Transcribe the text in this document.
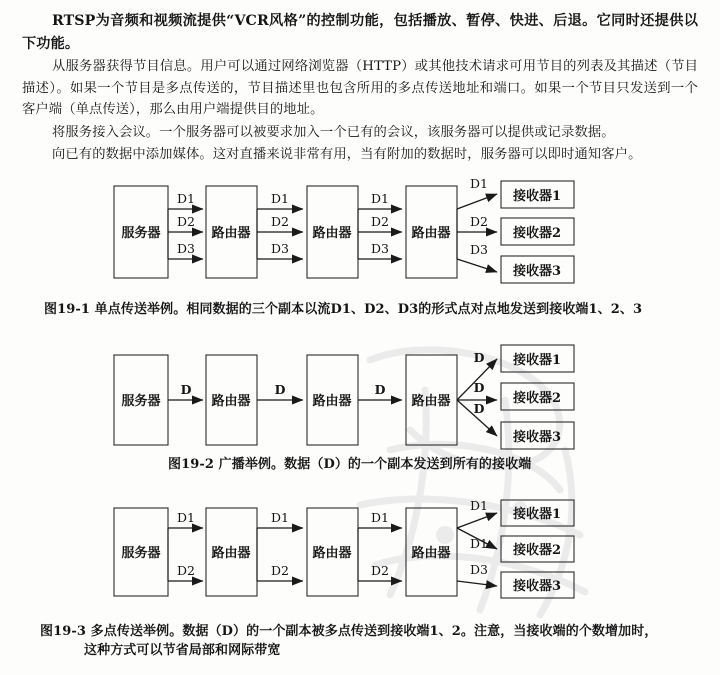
RTSP为音频和视频流提供“VCR风格”的控制功能，包括播放、暂停、快进、后退。它同时还提供以下功能。

从服务器获得节目信息。用户可以通过网络浏览器（HTTP）或其他技术请求可用节目的列表及其描述（节目描述）。如果一个节目是多点传送的，节目描述里也包含所用的多点传送地址和端口。如果一个节目只发送到一个客户端（单点传送），那么由用户端提供目的地址。

将服务接入会议。一个服务器可以被要求加入一个已有的会议，该服务器可以提供或记录数据。

向已有的数据中添加媒体。这对直播来说非常有用，当有附加的数据时，服务器可以即时通知客户。

服务器	路由器	路由器	路由器
接收器1
接收器2
接收器3
D1
D2
D3
D1
D2
D3
D1
D2
D3
D1
D2
D3
图19-1 单点传送举例。相同数据的三个副本以流D1、D2、D3的形式点对点地发送到接收端1、2、3
服务器	路由器	路由器	路由器
接收器1
接收器2
接收器3
D	D	D
D
D
D
图19-2 广播举例。数据（D）的一个副本发送到所有的接收端
服务器	路由器	路由器	路由器
接收器1
接收器2
接收器3
D1
D2
D1
D2
D1
D2
D1
D1
D3
图19-3 多点传送举例。数据（D）的一个副本被多点传送到接收端1、2。注意，当接收端的个数增加时，
这种方式可以节省局部和网际带宽
